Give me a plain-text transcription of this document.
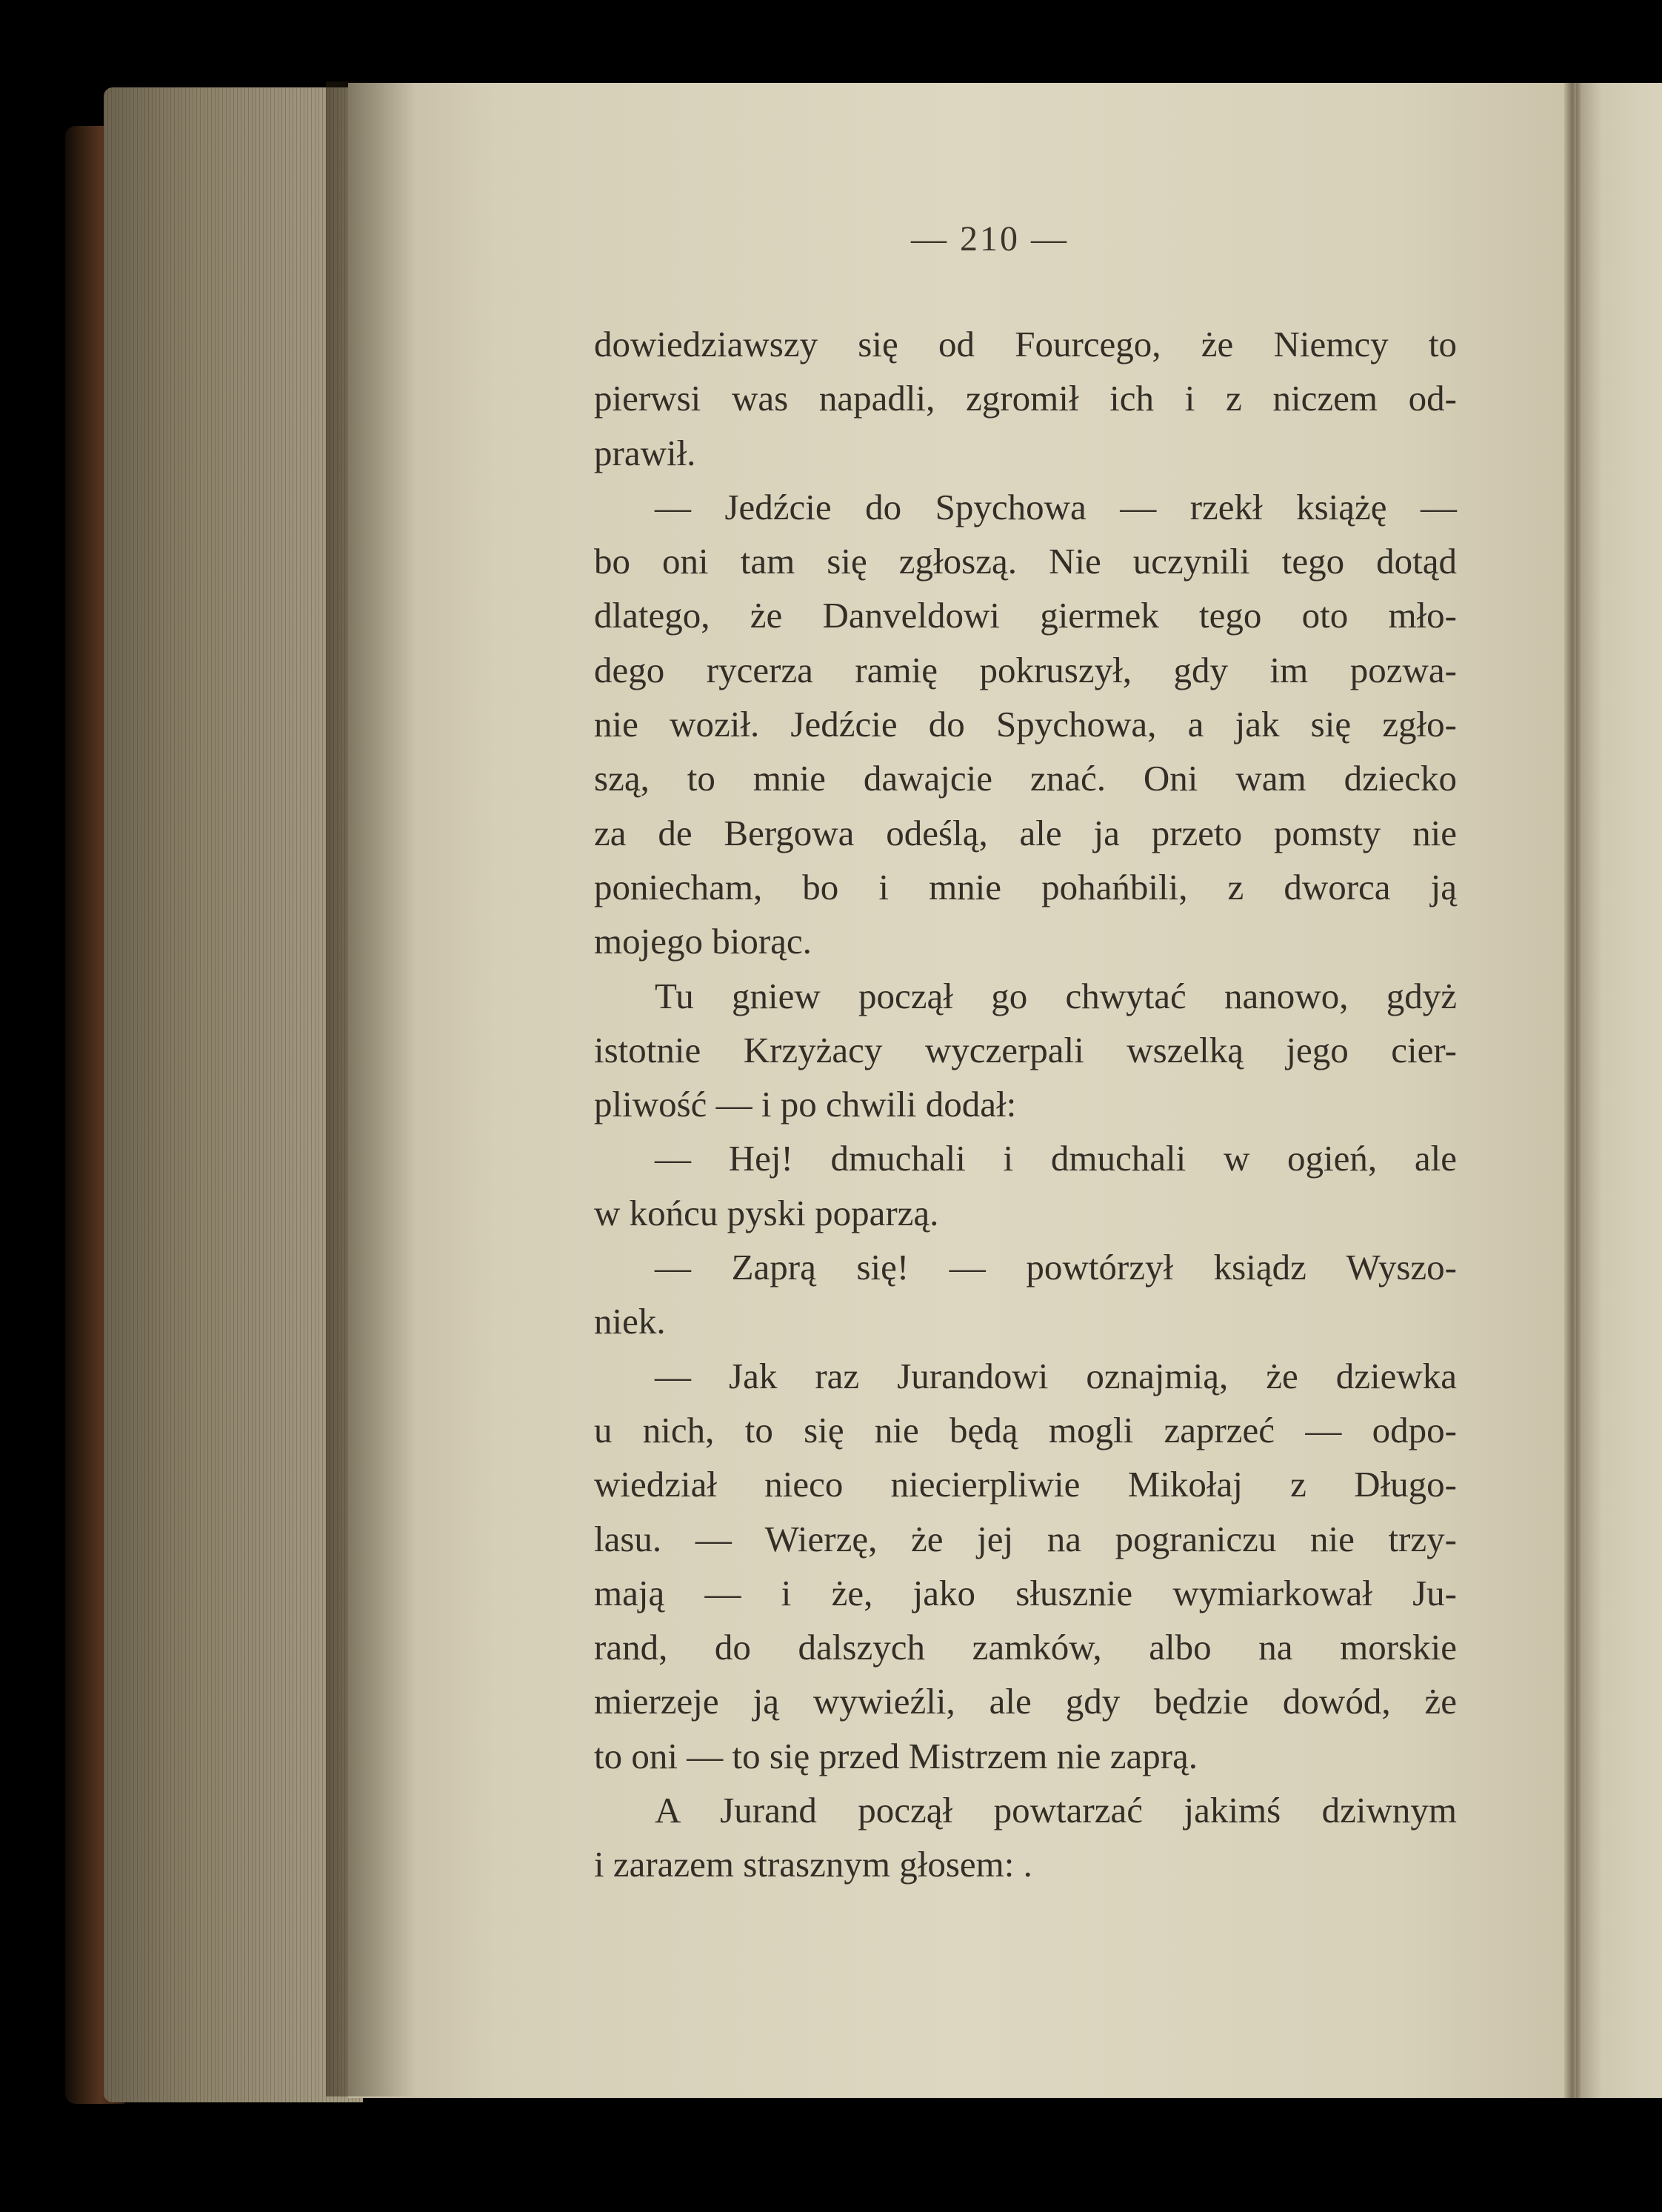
— 210 —
dowiedziawszy się od Fourcego, że Niemcy to
pierwsi was napadli, zgromił ich i z niczem od-
prawił.
— Jedźcie do Spychowa — rzekł książę —
bo oni tam się zgłoszą. Nie uczynili tego dotąd
dlatego, że Danveldowi giermek tego oto mło-
dego rycerza ramię pokruszył, gdy im pozwa-
nie woził. Jedźcie do Spychowa, a jak się zgło-
szą, to mnie dawajcie znać. Oni wam dziecko
za de Bergowa odeślą, ale ja przeto pomsty nie
poniecham, bo i mnie pohańbili, z dworca ją
mojego biorąc.
Tu gniew począł go chwytać nanowo, gdyż
istotnie Krzyżacy wyczerpali wszelką jego cier-
pliwość — i po chwili dodał:
— Hej! dmuchali i dmuchali w ogień, ale
w końcu pyski poparzą.
— Zaprą się! — powtórzył ksiądz Wyszo-
niek.
— Jak raz Jurandowi oznajmią, że dziewka
u nich, to się nie będą mogli zaprzeć — odpo-
wiedział nieco niecierpliwie Mikołaj z Długo-
lasu. — Wierzę, że jej na pograniczu nie trzy-
mają — i że, jako słusznie wymiarkował Ju-
rand, do dalszych zamków, albo na morskie
mierzeje ją wywieźli, ale gdy będzie dowód, że
to oni — to się przed Mistrzem nie zaprą.
A Jurand począł powtarzać jakimś dziwnym
i zarazem strasznym głosem: .
